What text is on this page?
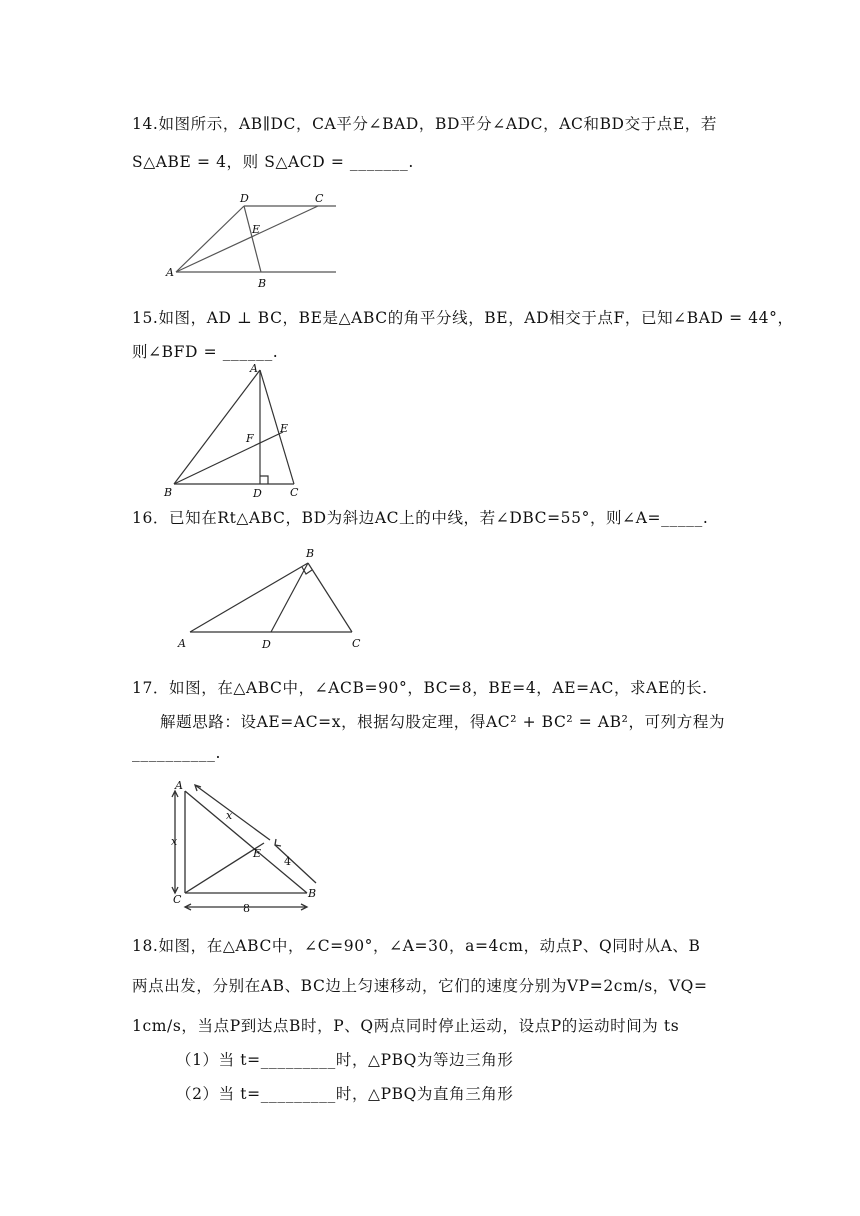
14.如图所示，AB∥DC，CA平分∠BAD，BD平分∠ADC，AC和BD交于点E，若
S△ABE = 4，则 S△ACD = _______.
D	C
E
A
B
15.如图，AD ⊥ BC，BE是△ABC的角平分线，BE，AD相交于点F，已知∠BAD = 44°，
则∠BFD = ______.
A
E
F
B	D	C
16．已知在Rt△ABC，BD为斜边AC上的中线，若∠DBC=55°，则∠A=_____.
B
A	D	C
17．如图，在△ABC中，∠ACB=90°，BC=8，BE=4，AE=AC，求AE的长.
解题思路：设AE=AC=x，根据勾股定理，得AC² + BC² = AB²，可列方程为
__________.
A
x
x
E
4
C	B
8
18.如图，在△ABC中，∠C=90°，∠A=30，a=4cm，动点P、Q同时从A、B
两点出发，分别在AB、BC边上匀速移动，它们的速度分别为VP=2cm/s，VQ=
1cm/s，当点P到达点B时，P、Q两点同时停止运动，设点P的运动时间为 ts
（1）当 t=_________时，△PBQ为等边三角形
（2）当 t=_________时，△PBQ为直角三角形
